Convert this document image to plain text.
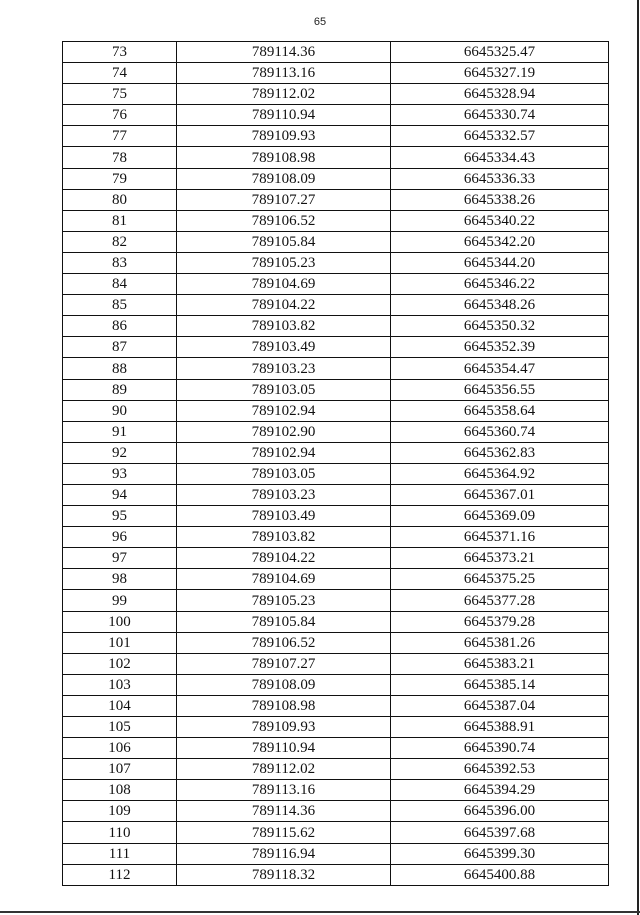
65
73	789114.36	6645325.47
74	789113.16	6645327.19
75	789112.02	6645328.94
76	789110.94	6645330.74
77	789109.93	6645332.57
78	789108.98	6645334.43
79	789108.09	6645336.33
80	789107.27	6645338.26
81	789106.52	6645340.22
82	789105.84	6645342.20
83	789105.23	6645344.20
84	789104.69	6645346.22
85	789104.22	6645348.26
86	789103.82	6645350.32
87	789103.49	6645352.39
88	789103.23	6645354.47
89	789103.05	6645356.55
90	789102.94	6645358.64
91	789102.90	6645360.74
92	789102.94	6645362.83
93	789103.05	6645364.92
94	789103.23	6645367.01
95	789103.49	6645369.09
96	789103.82	6645371.16
97	789104.22	6645373.21
98	789104.69	6645375.25
99	789105.23	6645377.28
100	789105.84	6645379.28
101	789106.52	6645381.26
102	789107.27	6645383.21
103	789108.09	6645385.14
104	789108.98	6645387.04
105	789109.93	6645388.91
106	789110.94	6645390.74
107	789112.02	6645392.53
108	789113.16	6645394.29
109	789114.36	6645396.00
110	789115.62	6645397.68
111	789116.94	6645399.30
112	789118.32	6645400.88
